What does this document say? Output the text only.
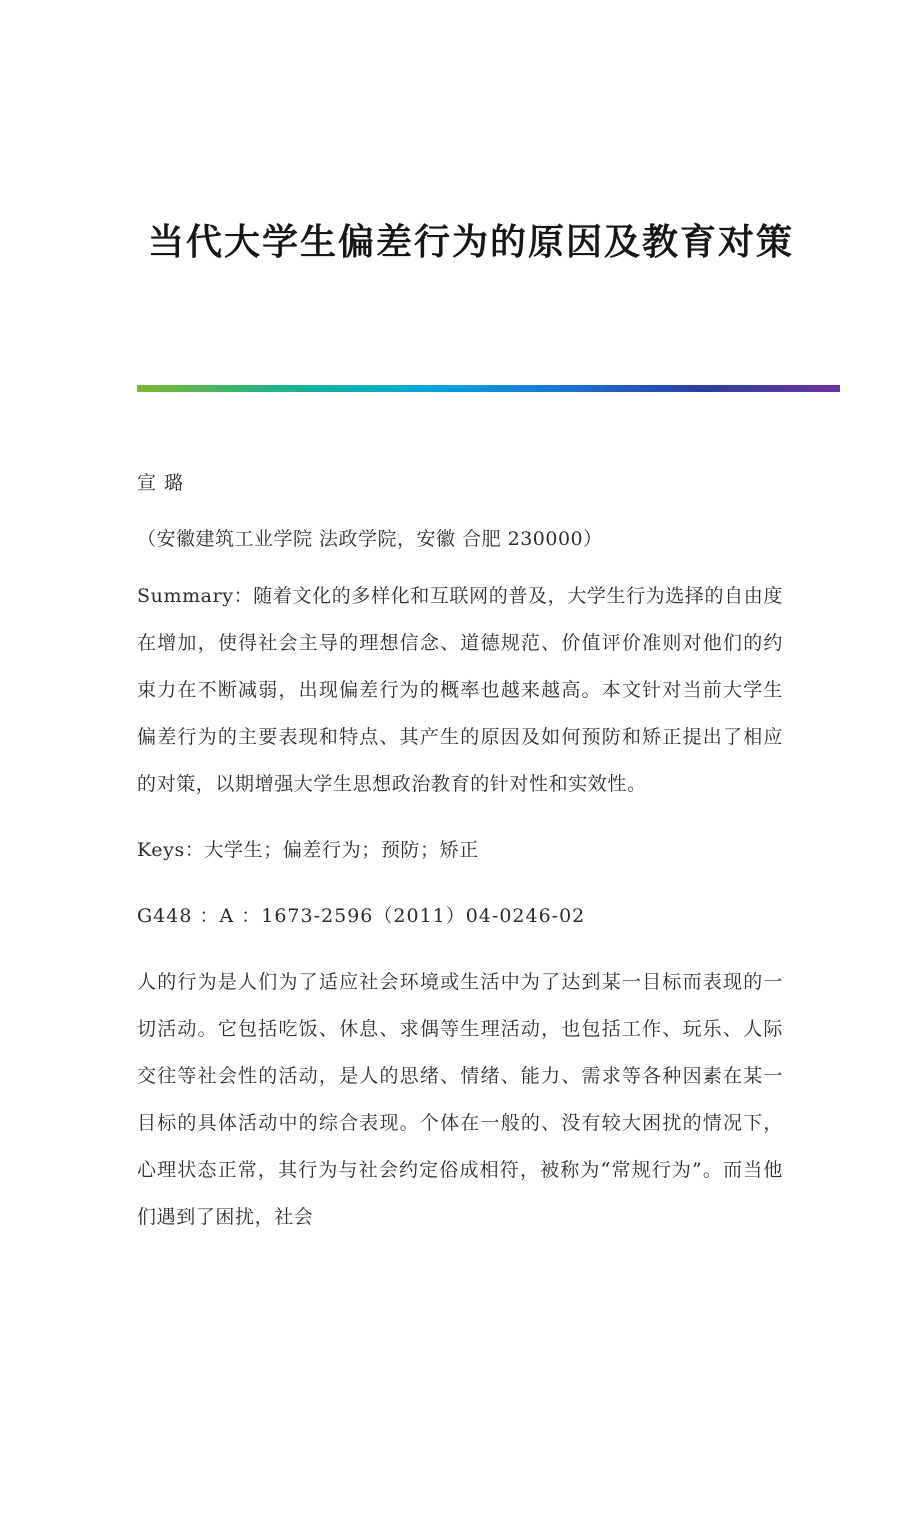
当代大学生偏差行为的原因及教育对策
宣 璐
（安徽建筑工业学院 法政学院，安徽 合肥 230000）

Summary：随着文化的多样化和互联网的普及，大学生行为选择的自由度在增加，使得社会主导的理想信念、道德规范、价值评价准则对他们的约束力在不断减弱，出现偏差行为的概率也越来越高。本文针对当前大学生偏差行为的主要表现和特点、其产生的原因及如何预防和矫正提出了相应的对策，以期增强大学生思想政治教育的针对性和实效性。

Keys：大学生；偏差行为；预防；矫正

G448 ：A ：1673-2596（2011）04-0246-02

人的行为是人们为了适应社会环境或生活中为了达到某一目标而表现的一切活动。它包括吃饭、休息、求偶等生理活动，也包括工作、玩乐、人际交往等社会性的活动，是人的思绪、情绪、能力、需求等各种因素在某一目标的具体活动中的综合表现。个体在一般的、没有较大困扰的情况下，心理状态正常，其行为与社会约定俗成相符，被称为“常规行为”。而当他们遇到了困扰，社会
